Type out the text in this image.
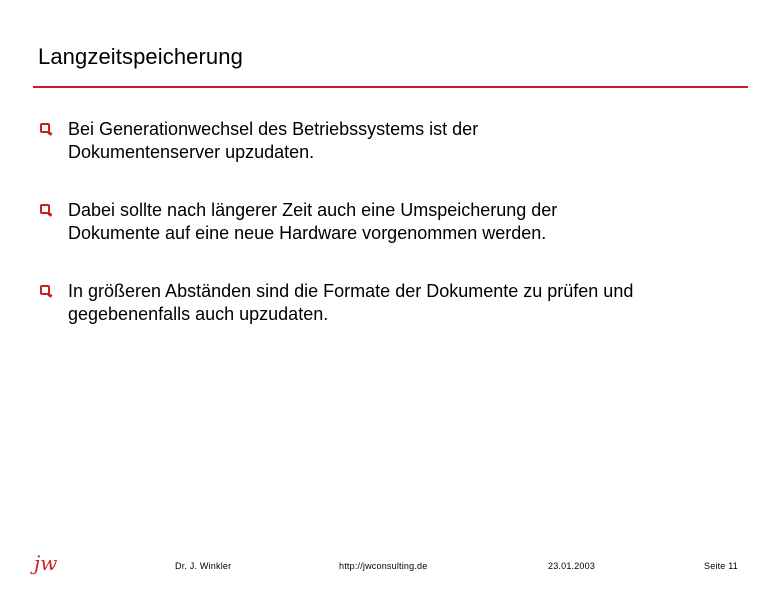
Langzeitspeicherung
Bei Generationwechsel des Betriebssystems ist der
Dokumentenserver upzudaten.
Dabei sollte nach längerer Zeit auch eine Umspeicherung der
Dokumente auf eine neue Hardware vorgenommen werden.
In größeren Abständen sind die Formate der Dokumente zu prüfen und
gegebenenfalls auch upzudaten.
jw	Dr. J. Winkler	http://jwconsulting.de	23.01.2003	Seite 11
